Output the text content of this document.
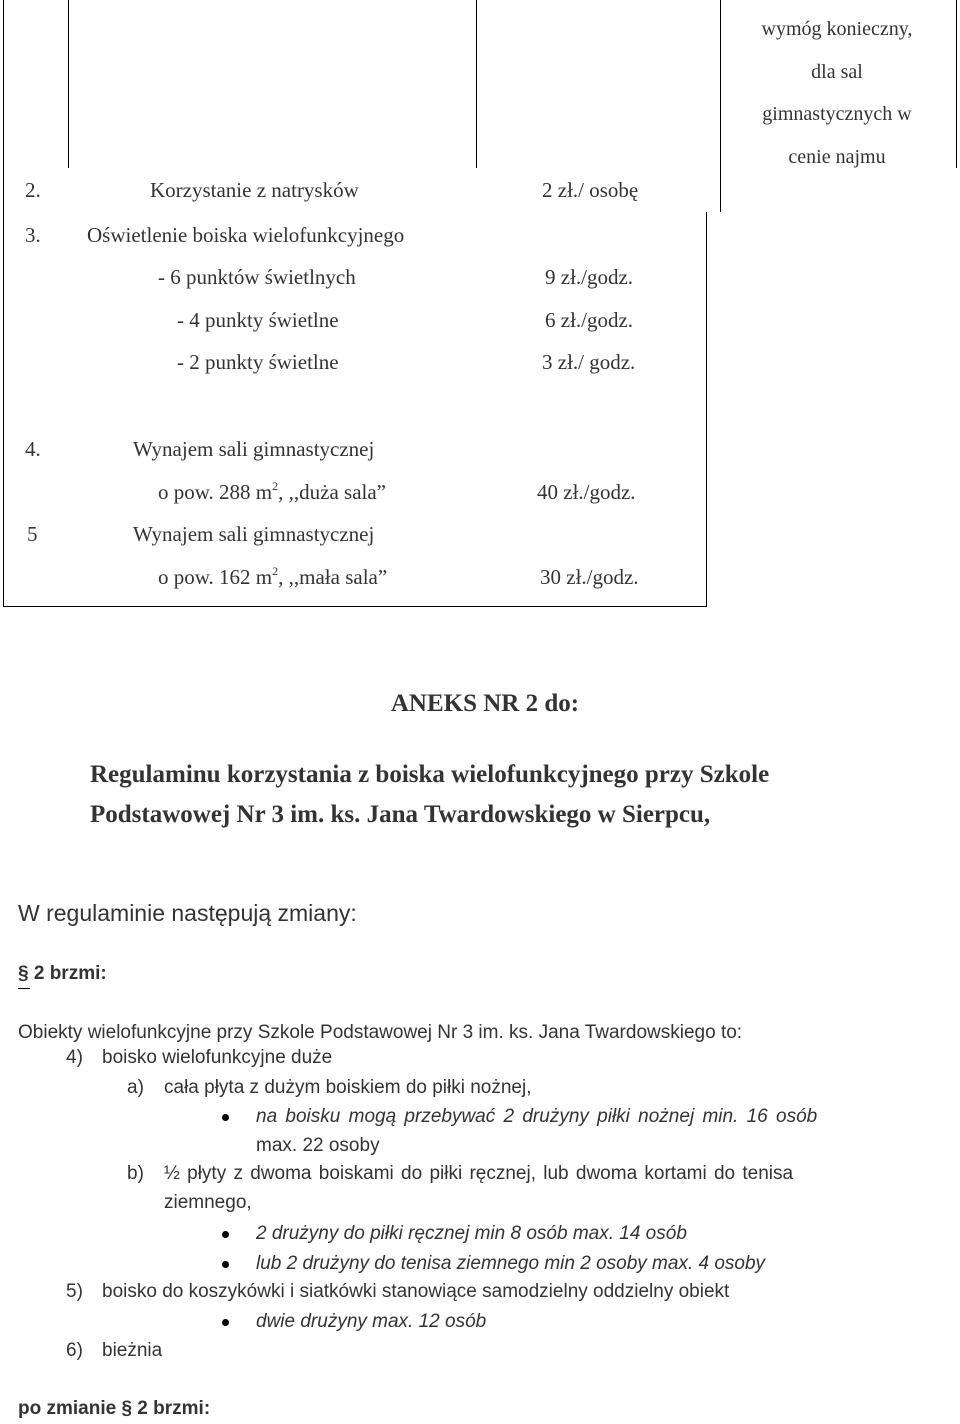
wymóg konieczny,
dla sal
gimnastycznych w
cenie najmu
2.	Korzystanie z natrysków	2 zł./ osobę
3. Oświetlenie boiska wielofunkcyjnego
- 6 punktów świetlnych	9 zł./godz.
- 4 punkty świetlne	6 zł./godz.
- 2 punkty świetlne	3 zł./ godz.
4.	Wynajem sali gimnastycznej
o pow. 288 $m^2$, ,,duża sala”	40 zł./godz.
5	Wynajem sali gimnastycznej
o pow. 162 $m^2$, ,,mała sala”	30 zł./godz.
ANEKS NR 2 do:
Regulaminu korzystania z boiska wielofunkcyjnego przy Szkole
Podstawowej Nr 3 im. ks. Jana Twardowskiego w Sierpcu,
W regulaminie następują zmiany:
§ 2 brzmi:
Obiekty wielofunkcyjne przy Szkole Podstawowej Nr 3 im. ks. Jana Twardowskiego to:
4) boisko wielofunkcyjne duże
a) cała płyta z dużym boiskiem do piłki nożnej,
na boisku mogą przebywać 2 drużyny piłki nożnej min. 16 osób
max. 22 osoby
b) ½ płyty z dwoma boiskami do piłki ręcznej, lub dwoma kortami do tenisa
ziemnego,
2 drużyny do piłki ręcznej min 8 osób max. 14 osób
lub 2 drużyny do tenisa ziemnego min 2 osoby max. 4 osoby
5) boisko do koszykówki i siatkówki stanowiące samodzielny oddzielny obiekt
dwie drużyny max. 12 osób
6) bieżnia
po zmianie § 2 brzmi:
